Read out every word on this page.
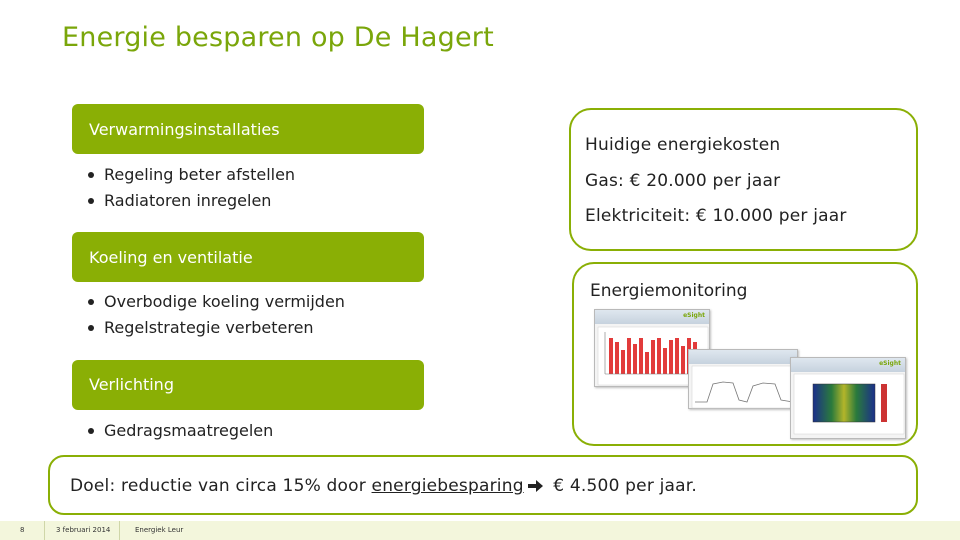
Energie besparen op De Hagert
Verwarmingsinstallaties
Regeling beter afstellen
Radiatoren inregelen
Koeling en ventilatie
Overbodige koeling vermijden
Regelstrategie verbeteren
Verlichting
Gedragsmaatregelen
Huidige energiekosten
Gas: € 20.000 per jaar
Elektriciteit: € 10.000 per jaar
Energiemonitoring
eSight
eSight
Doel: reductie van circa 15% door energiebesparing € 4.500 per jaar.
8	3 februari 2014	Energiek Leur
